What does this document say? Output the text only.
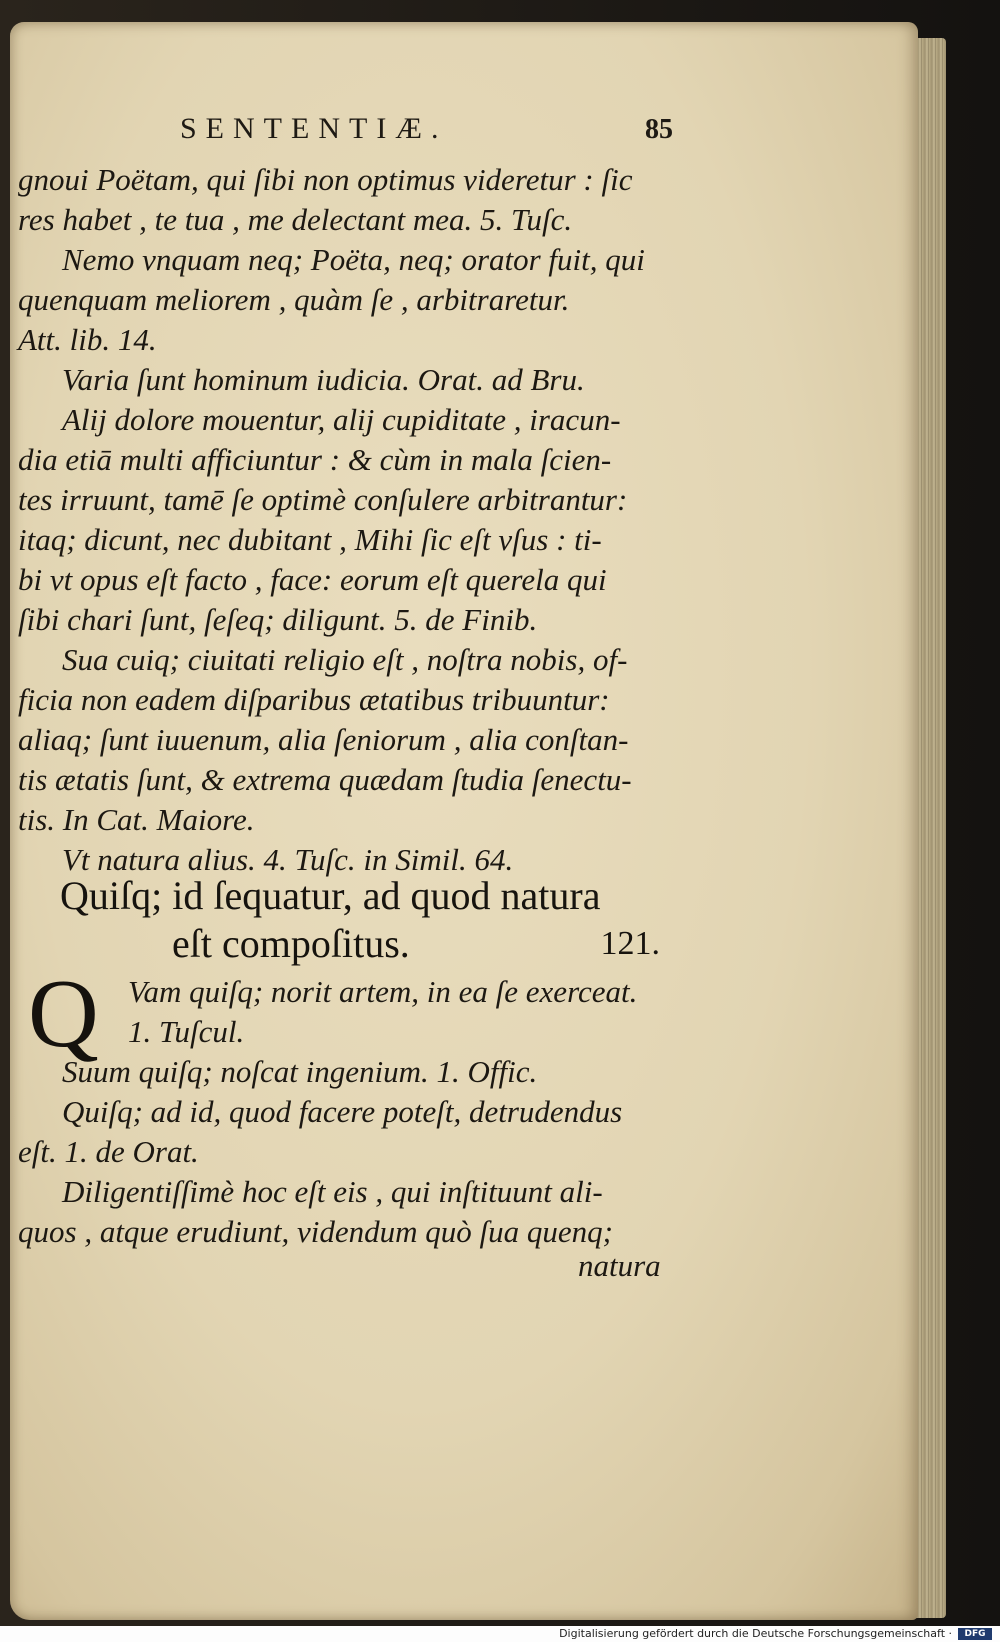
SENTENTIÆ.	85
gnoui Poëtam, qui ſibi non optimus videretur : ſic
res habet , te tua , me delectant mea. 5. Tuſc.
Nemo vnquam neq; Poëta, neq; orator fuit, qui
quenquam meliorem , quàm ſe , arbitraretur.
Att. lib. 14.
Varia ſunt hominum iudicia. Orat. ad Bru.
Alij dolore mouentur, alij cupiditate , iracun-
dia etiā multi afficiuntur : & cùm in mala ſcien-
tes irruunt, tamē ſe optimè conſulere arbitrantur:
itaq; dicunt, nec dubitant , Mihi ſic eſt vſus : ti-
bi vt opus eſt facto , face: eorum eſt querela qui
ſibi chari ſunt, ſeſeq; diligunt. 5. de Finib.
Sua cuiq; ciuitati religio eſt , noſtra nobis, of-
ficia non eadem diſparibus ætatibus tribuuntur:
aliaq; ſunt iuuenum, alia ſeniorum , alia conſtan-
tis ætatis ſunt, & extrema quædam ſtudia ſenectu-
tis. In Cat. Maiore.
Vt natura alius. 4. Tuſc. in Simil. 64.
Quiſq; id ſequatur, ad quod natura
eſt compoſitus.	121.
Q Vam quiſq; norit artem, in ea ſe exerceat.
1. Tuſcul.
Suum quiſq; noſcat ingenium. 1. Offic.
Quiſq; ad id, quod facere poteſt, detrudendus
eſt. 1. de Orat.
Diligentiſſimè hoc eſt eis , qui inſtituunt ali-
quos , atque erudiunt, videndum quò ſua quenq;
natura
Digitalisierung gefördert durch die Deutsche Forschungsgemeinschaft ·	DFG
